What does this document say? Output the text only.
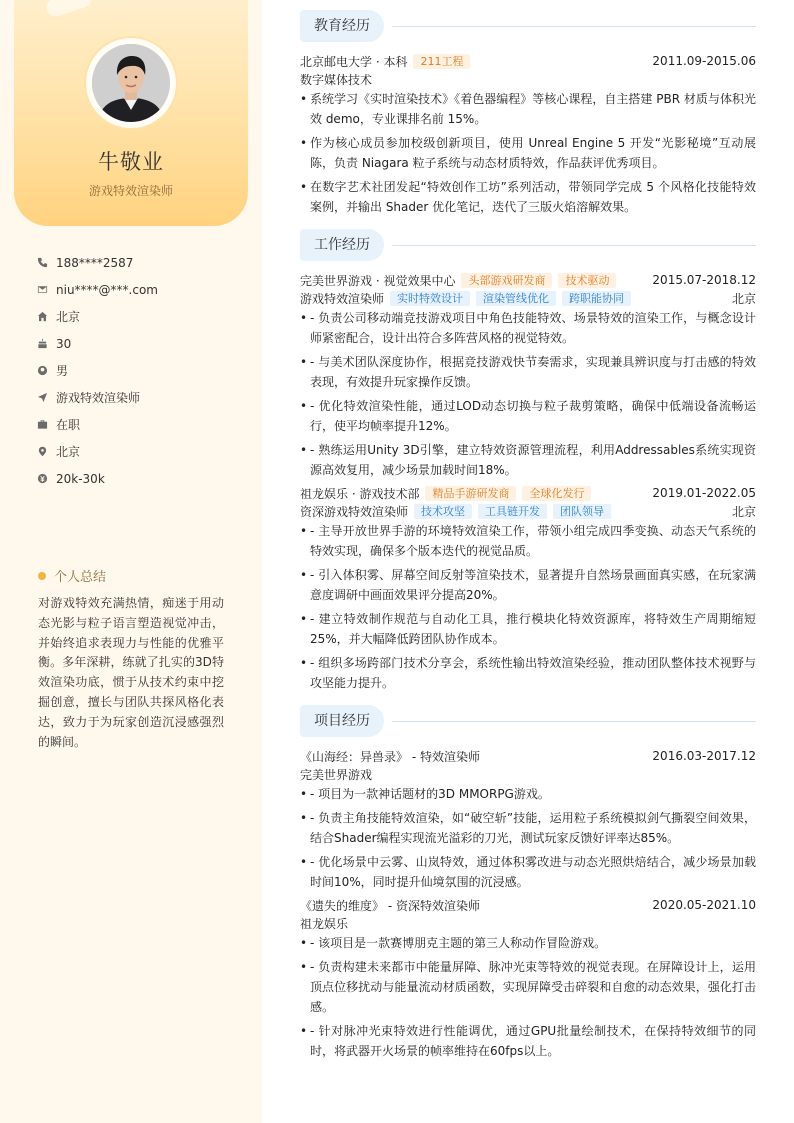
牛敬业
游戏特效渲染师
188****2587
niu****@***.com
北京
30
男
游戏特效渲染师
在职
北京
20k-30k
个人总结
对游戏特效充满热情，痴迷于用动态光影与粒子语言塑造视觉冲击，并始终追求表现力与性能的优雅平衡。多年深耕，练就了扎实的3D特效渲染功底，惯于从技术约束中挖掘创意，擅长与团队共探风格化表达，致力于为玩家创造沉浸感强烈的瞬间。
教育经历
北京邮电大学 · 本科	211工程	2011.09-2015.06
数字媒体技术
• 系统学习《实时渲染技术》《着色器编程》等核心课程，自主搭建 PBR 材质与体积光效 demo，专业课排名前 15%。
• 作为核心成员参加校级创新项目，使用 Unreal Engine 5 开发“光影秘境”互动展陈，负责 Niagara 粒子系统与动态材质特效，作品获评优秀项目。
• 在数字艺术社团发起“特效创作工坊”系列活动，带领同学完成 5 个风格化技能特效案例，并输出 Shader 优化笔记，迭代了三版火焰溶解效果。
工作经历
完美世界游戏 · 视觉效果中心	头部游戏研发商	技术驱动	2015.07-2018.12
游戏特效渲染师	实时特效设计	渲染管线优化	跨职能协同	北京
• - 负责公司移动端竞技游戏项目中角色技能特效、场景特效的渲染工作，与概念设计师紧密配合，设计出符合多阵营风格的视觉特效。
• - 与美术团队深度协作，根据竞技游戏快节奏需求，实现兼具辨识度与打击感的特效表现，有效提升玩家操作反馈。
• - 优化特效渲染性能，通过LOD动态切换与粒子裁剪策略，确保中低端设备流畅运行，使平均帧率提升12%。
• - 熟练运用Unity 3D引擎，建立特效资源管理流程，利用Addressables系统实现资源高效复用，减少场景加载时间18%。
祖龙娱乐 · 游戏技术部	精品手游研发商	全球化发行	2019.01-2022.05
资深游戏特效渲染师	技术攻坚	工具链开发	团队领导	北京
• - 主导开放世界手游的环境特效渲染工作，带领小组完成四季变换、动态天气系统的特效实现，确保多个版本迭代的视觉品质。
• - 引入体积雾、屏幕空间反射等渲染技术，显著提升自然场景画面真实感，在玩家满意度调研中画面效果评分提高20%。
• - 建立特效制作规范与自动化工具，推行模块化特效资源库，将特效生产周期缩短25%，并大幅降低跨团队协作成本。
• - 组织多场跨部门技术分享会，系统性输出特效渲染经验，推动团队整体技术视野与攻坚能力提升。
项目经历
《山海经：异兽录》 - 特效渲染师	2016.03-2017.12
完美世界游戏
• - 项目为一款神话题材的3D MMORPG游戏。
• - 负责主角技能特效渲染，如“破空斩”技能，运用粒子系统模拟剑气撕裂空间效果，结合Shader编程实现流光溢彩的刀光，测试玩家反馈好评率达85%。
• - 优化场景中云雾、山岚特效，通过体积雾改进与动态光照烘焙结合，减少场景加载时间10%，同时提升仙境氛围的沉浸感。
《遗失的维度》 - 资深特效渲染师	2020.05-2021.10
祖龙娱乐
• - 该项目是一款赛博朋克主题的第三人称动作冒险游戏。
• - 负责构建未来都市中能量屏障、脉冲光束等特效的视觉表现。在屏障设计上，运用顶点位移扰动与能量流动材质函数，实现屏障受击碎裂和自愈的动态效果，强化打击感。
• - 针对脉冲光束特效进行性能调优，通过GPU批量绘制技术，在保持特效细节的同时，将武器开火场景的帧率维持在60fps以上。
